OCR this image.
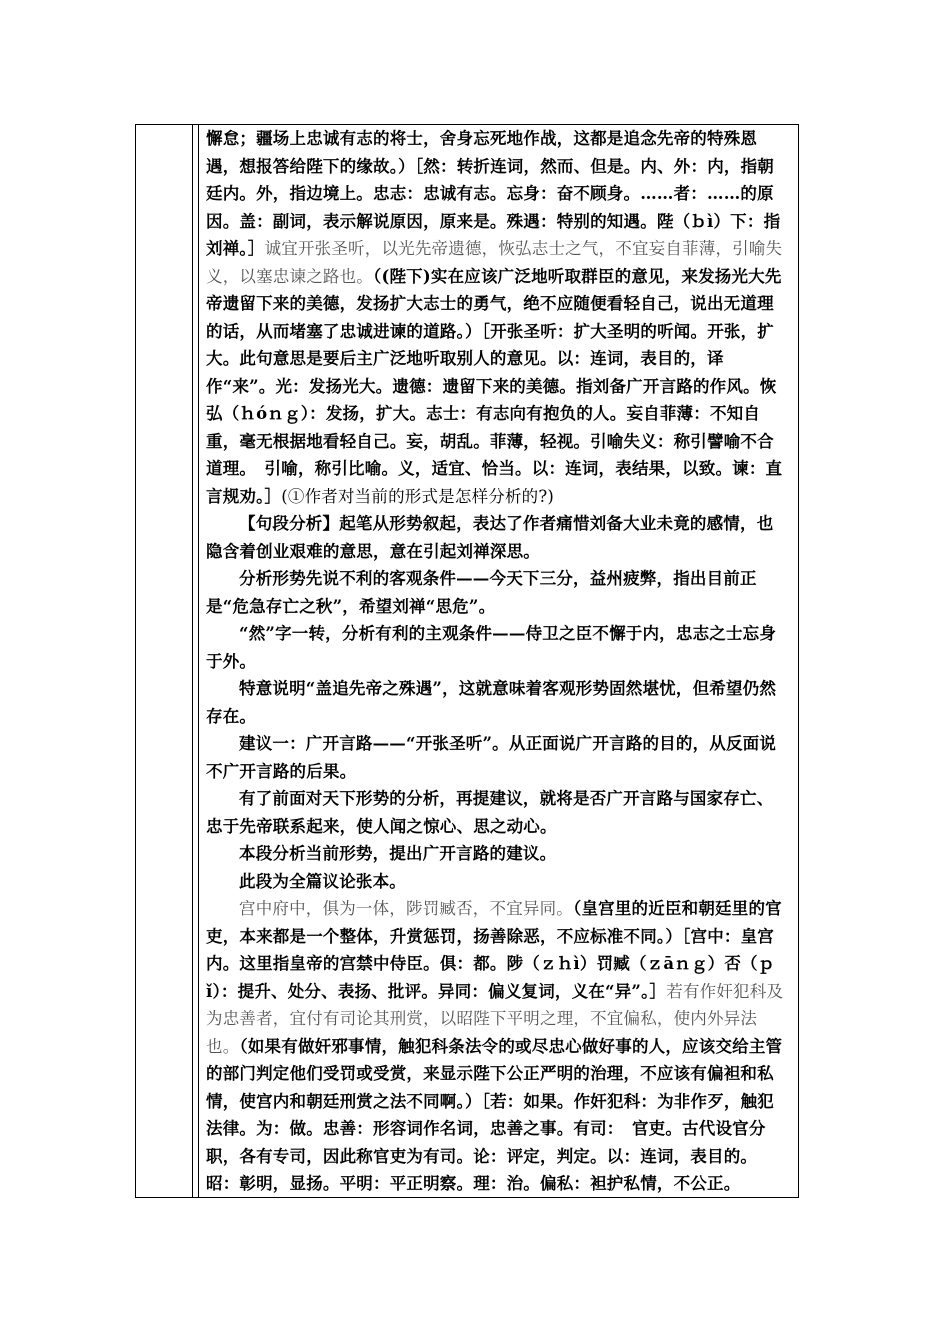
懈怠；疆场上忠诚有志的将士，舍身忘死地作战，这都是追念先帝的特殊恩遇，想报答给陛下的缘故。）［然：转折连词，然而、但是。内、外：内，指朝廷内。外，指边境上。忠志：忠诚有志。忘身：奋不顾身。……者：……的原因。盖：副词，表示解说原因，原来是。殊遇：特别的知遇。陛（ｂì）下：指刘禅。］诚宜开张圣听，以光先帝遗德，恢弘志士之气，不宜妄自菲薄，引喻失义，以塞忠谏之路也。（(陛下)实在应该广泛地听取群臣的意见，来发扬光大先帝遗留下来的美德，发扬扩大志士的勇气，绝不应随便看轻自己，说出无道理的话，从而堵塞了忠诚进谏的道路。）［开张圣听：扩大圣明的听闻。开张，扩大。此句意思是要后主广泛地听取别人的意见。以：连词，表目的，译作“来”。光：发扬光大。遗德：遗留下来的美德。指刘备广开言路的作风。恢弘（ｈóｎｇ）：发扬，扩大。志士：有志向有抱负的人。妄自菲薄：不知自重，毫无根据地看轻自己。妄，胡乱。菲薄，轻视。引喻失义：称引譬喻不合道理。　引喻，称引比喻。义，适宜、恰当。以：连词，表结果，以致。谏：直言规劝。］(①作者对当前的形式是怎样分析的?)

【句段分析】起笔从形势叙起，表达了作者痛惜刘备大业未竟的感情，也隐含着创业艰难的意思，意在引起刘禅深思。

分析形势先说不利的客观条件——今天下三分，益州疲弊，指出目前正是“危急存亡之秋”，希望刘禅“思危”。

“然”字一转，分析有利的主观条件——侍卫之臣不懈于内，忠志之士忘身于外。

特意说明“盖追先帝之殊遇”，这就意味着客观形势固然堪忧，但希望仍然存在。

建议一：广开言路——“开张圣听”。从正面说广开言路的目的，从反面说不广开言路的后果。

有了前面对天下形势的分析，再提建议，就将是否广开言路与国家存亡、忠于先帝联系起来，使人闻之惊心、思之动心。

本段分析当前形势，提出广开言路的建议。

此段为全篇议论张本。

宫中府中，俱为一体，陟罚臧否，不宜异同。（皇宫里的近臣和朝廷里的官吏，本来都是一个整体，升赏惩罚，扬善除恶，不应标准不同。）［宫中：皇宫内。这里指皇帝的宫禁中侍臣。俱：都。陟（ｚｈì）罚臧（ｚāｎｇ）否（ｐǐ）：提升、处分、表扬、批评。异同：偏义复词，义在“异”。］若有作奸犯科及为忠善者，宜付有司论其刑赏，以昭陛下平明之理，不宜偏私，使内外异法也。（如果有做奸邪事情，触犯科条法令的或尽忠心做好事的人，应该交给主管的部门判定他们受罚或受赏，来显示陛下公正严明的治理，不应该有偏袒和私情，使宫内和朝廷刑赏之法不同啊。）［若：如果。作奸犯科：为非作歹，触犯法律。为：做。忠善：形容词作名词，忠善之事。有司：　官吏。古代设官分职，各有专司，因此称官吏为有司。论：评定，判定。以：连词，表目的。昭：彰明，显扬。平明：平正明察。理：治。偏私：袒护私情，不公正。
